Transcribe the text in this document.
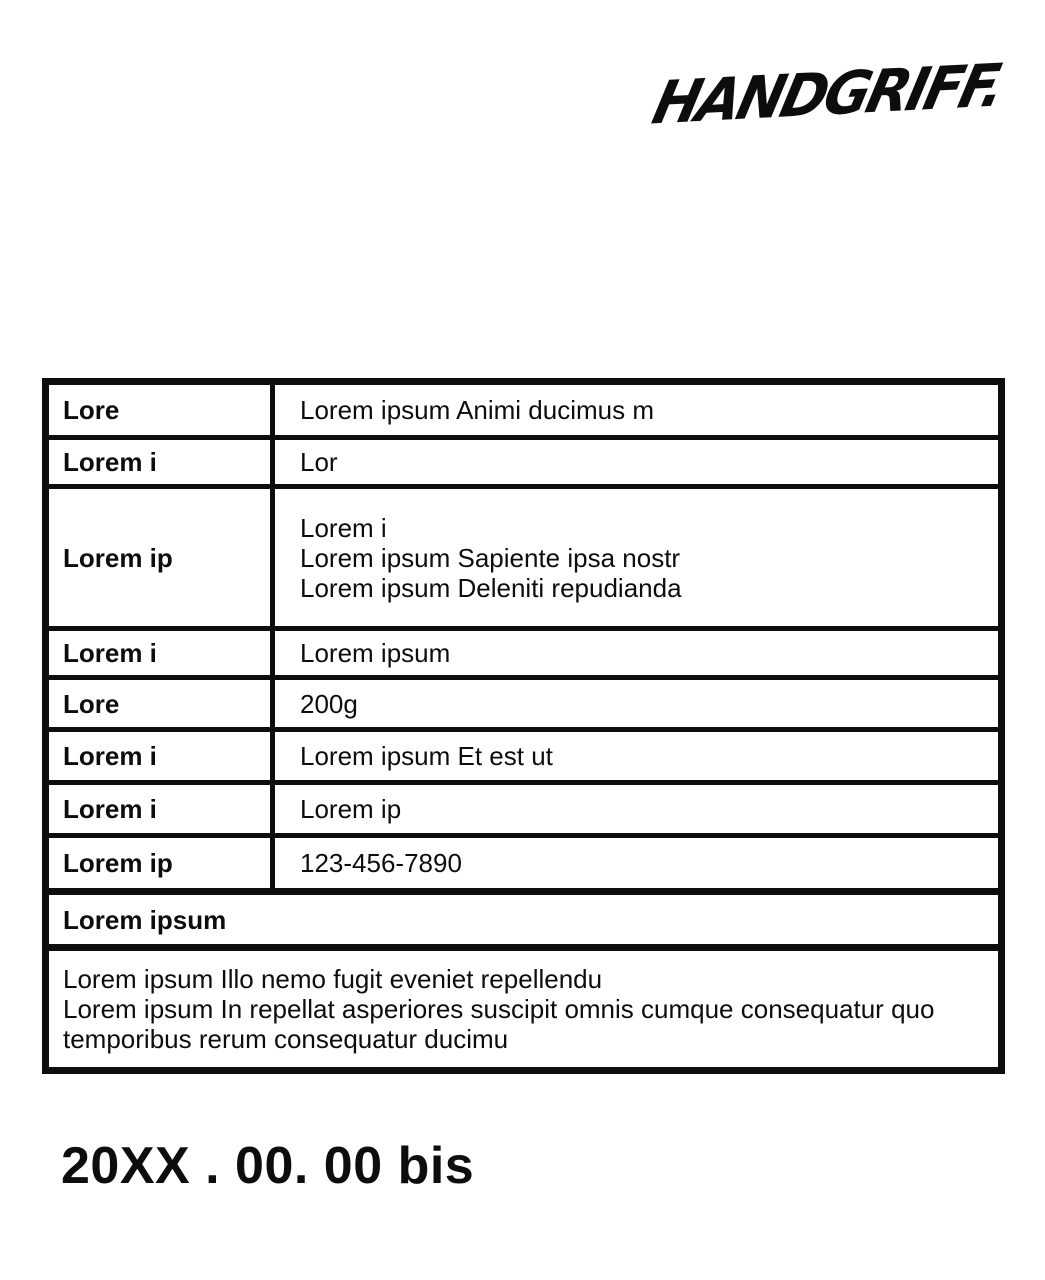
HANDGRIFF.
Lore	Lorem ipsum Animi ducimus m
Lorem i	Lor
Lorem ip	Lorem i
Lorem ipsum Sapiente ipsa nostr
Lorem ipsum Deleniti repudianda

Lorem i	Lorem ipsum
Lore	200g
Lorem i	Lorem ipsum Et est ut
Lorem i	Lorem ip
Lorem ip	123-456-7890
Lorem ipsum	

Lorem ipsum Illo nemo fugit eveniet repellendu
Lorem ipsum In repellat asperiores suscipit omnis cumque consequatur quo temporibus rerum consequatur ducimu	
20XX . 00. 00 bis
